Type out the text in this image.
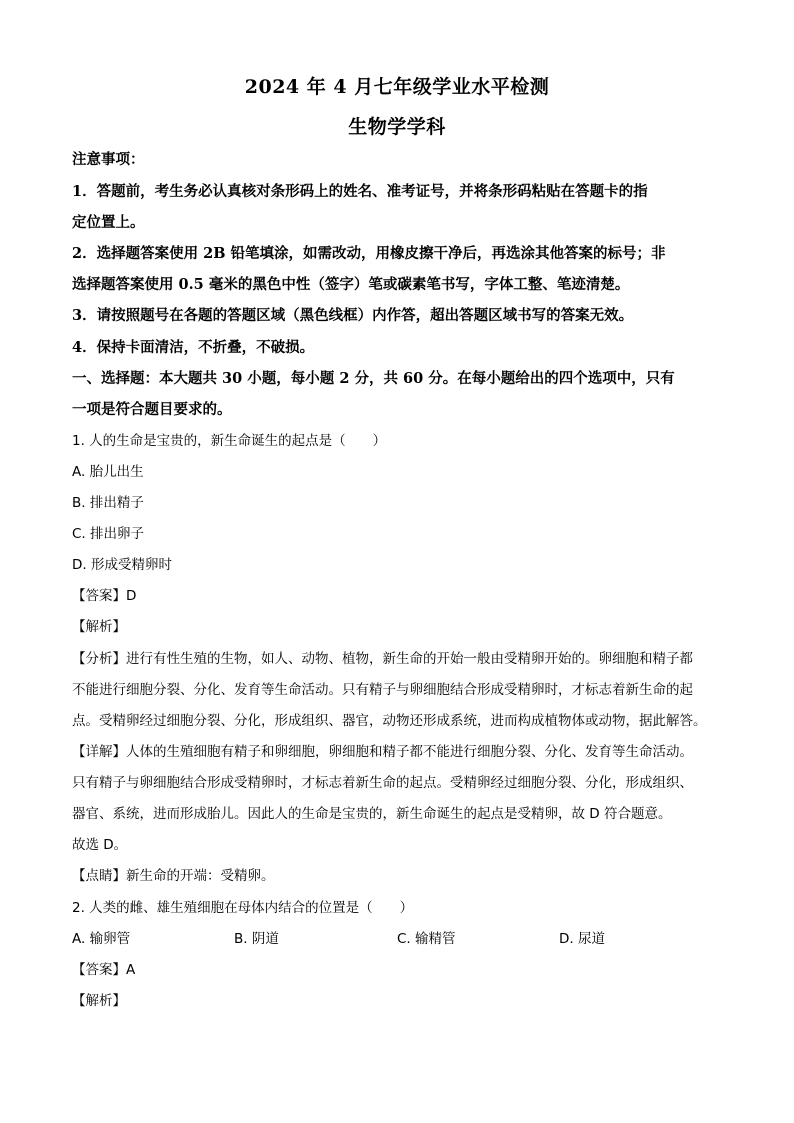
2024 年 4 月七年级学业水平检测
生物学学科
注意事项：
1．答题前，考生务必认真核对条形码上的姓名、准考证号，并将条形码粘贴在答题卡的指
定位置上。
2．选择题答案使用 2B 铅笔填涂，如需改动，用橡皮擦干净后，再选涂其他答案的标号；非
选择题答案使用 0.5 毫米的黑色中性（签字）笔或碳素笔书写，字体工整、笔迹清楚。
3．请按照题号在各题的答题区域（黑色线框）内作答，超出答题区域书写的答案无效。
4．保持卡面清洁，不折叠，不破损。
一、选择题：本大题共 30 小题，每小题 2 分，共 60 分。在每小题给出的四个选项中，只有
一项是符合题目要求的。
1. 人的生命是宝贵的，新生命诞生的起点是（　　）
A. 胎儿出生
B. 排出精子
C. 排出卵子
D. 形成受精卵时
【答案】D
【解析】
【分析】进行有性生殖的生物，如人、动物、植物，新生命的开始一般由受精卵开始的。卵细胞和精子都
不能进行细胞分裂、分化、发育等生命活动。只有精子与卵细胞结合形成受精卵时，才标志着新生命的起
点。受精卵经过细胞分裂、分化，形成组织、器官，动物还形成系统，进而构成植物体或动物，据此解答。
【详解】人体的生殖细胞有精子和卵细胞，卵细胞和精子都不能进行细胞分裂、分化、发育等生命活动。
只有精子与卵细胞结合形成受精卵时，才标志着新生命的起点。受精卵经过细胞分裂、分化，形成组织、
器官、系统，进而形成胎儿。因此人的生命是宝贵的，新生命诞生的起点是受精卵，故 D 符合题意。
故选 D。
【点睛】新生命的开端：受精卵。
2. 人类的雌、雄生殖细胞在母体内结合的位置是（　　）
A. 输卵管	B. 阴道	C. 输精管	D. 尿道
【答案】A
【解析】
